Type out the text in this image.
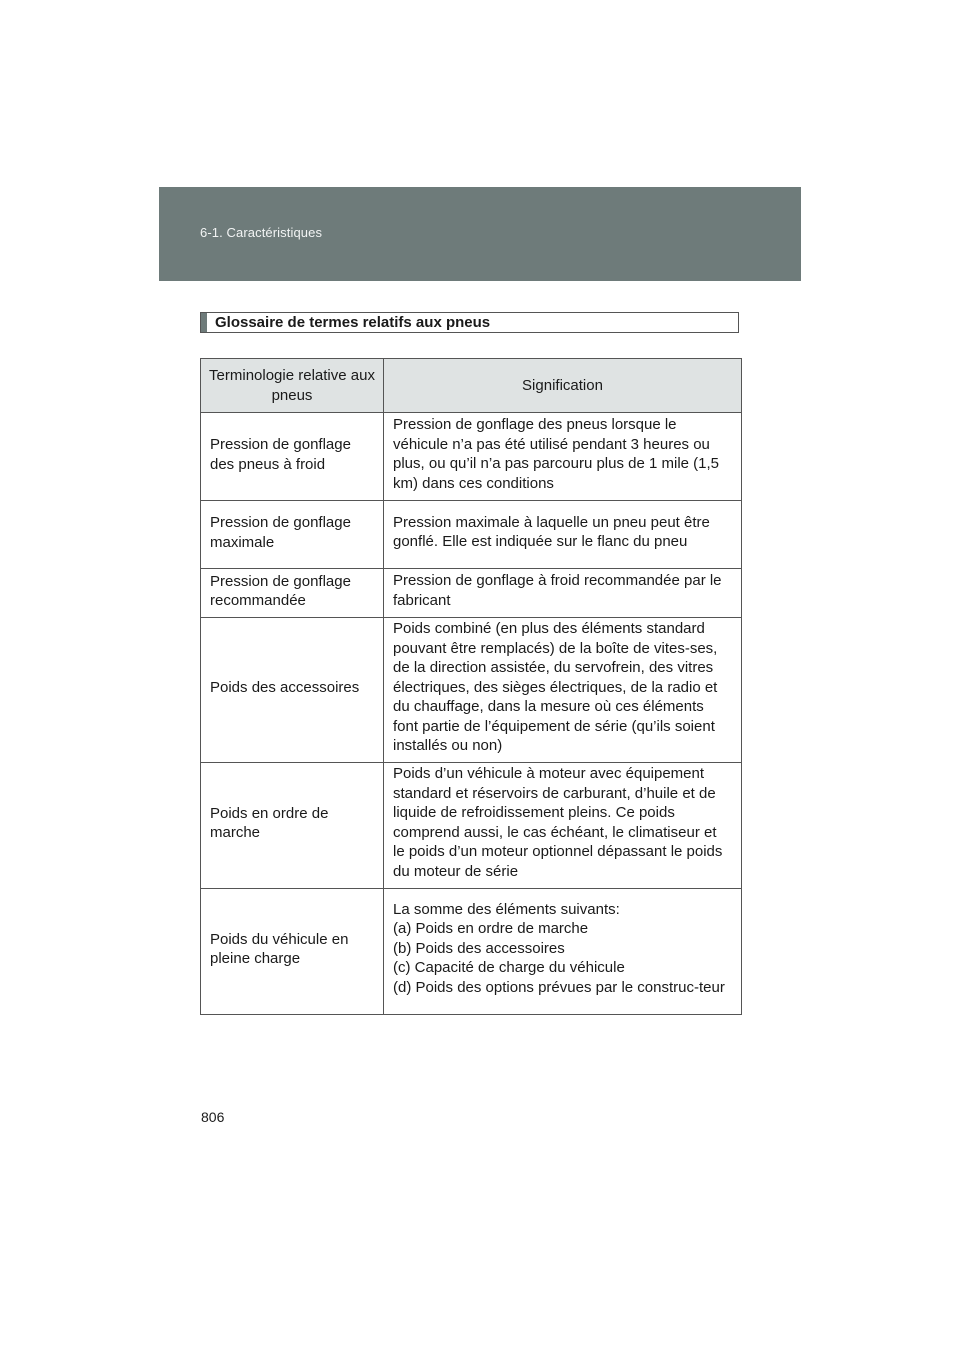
6-1. Caractéristiques
Glossaire de termes relatifs aux pneus
Terminologie relative aux pneus	Signification
Pression de gonflage des pneus à froid	Pression de gonflage des pneus lorsque le véhicule n’a pas été utilisé pendant 3 heures ou plus, ou qu’il n’a pas parcouru plus de 1 mile (1,5 km) dans ces conditions
Pression de gonflage maximale	Pression maximale à laquelle un pneu peut être gonflé. Elle est indiquée sur le flanc du pneu
Pression de gonflage recommandée	Pression de gonflage à froid recommandée par le fabricant
Poids des accessoires	Poids combiné (en plus des éléments standard pouvant être remplacés) de la boîte de vites-ses, de la direction assistée, du servofrein, des vitres électriques, des sièges électriques, de la radio et du chauffage, dans la mesure où ces éléments font partie de l’équipement de série (qu’ils soient installés ou non)
Poids en ordre de marche	Poids d’un véhicule à moteur avec équipement standard et réservoirs de carburant, d’huile et de liquide de refroidissement pleins. Ce poids comprend aussi, le cas échéant, le climatiseur et le poids d’un moteur optionnel dépassant le poids du moteur de série
Poids du véhicule en pleine charge	La somme des éléments suivants:
(a) Poids en ordre de marche
(b) Poids des accessoires
(c) Capacité de charge du véhicule
(d) Poids des options prévues par le construc-teur
806
